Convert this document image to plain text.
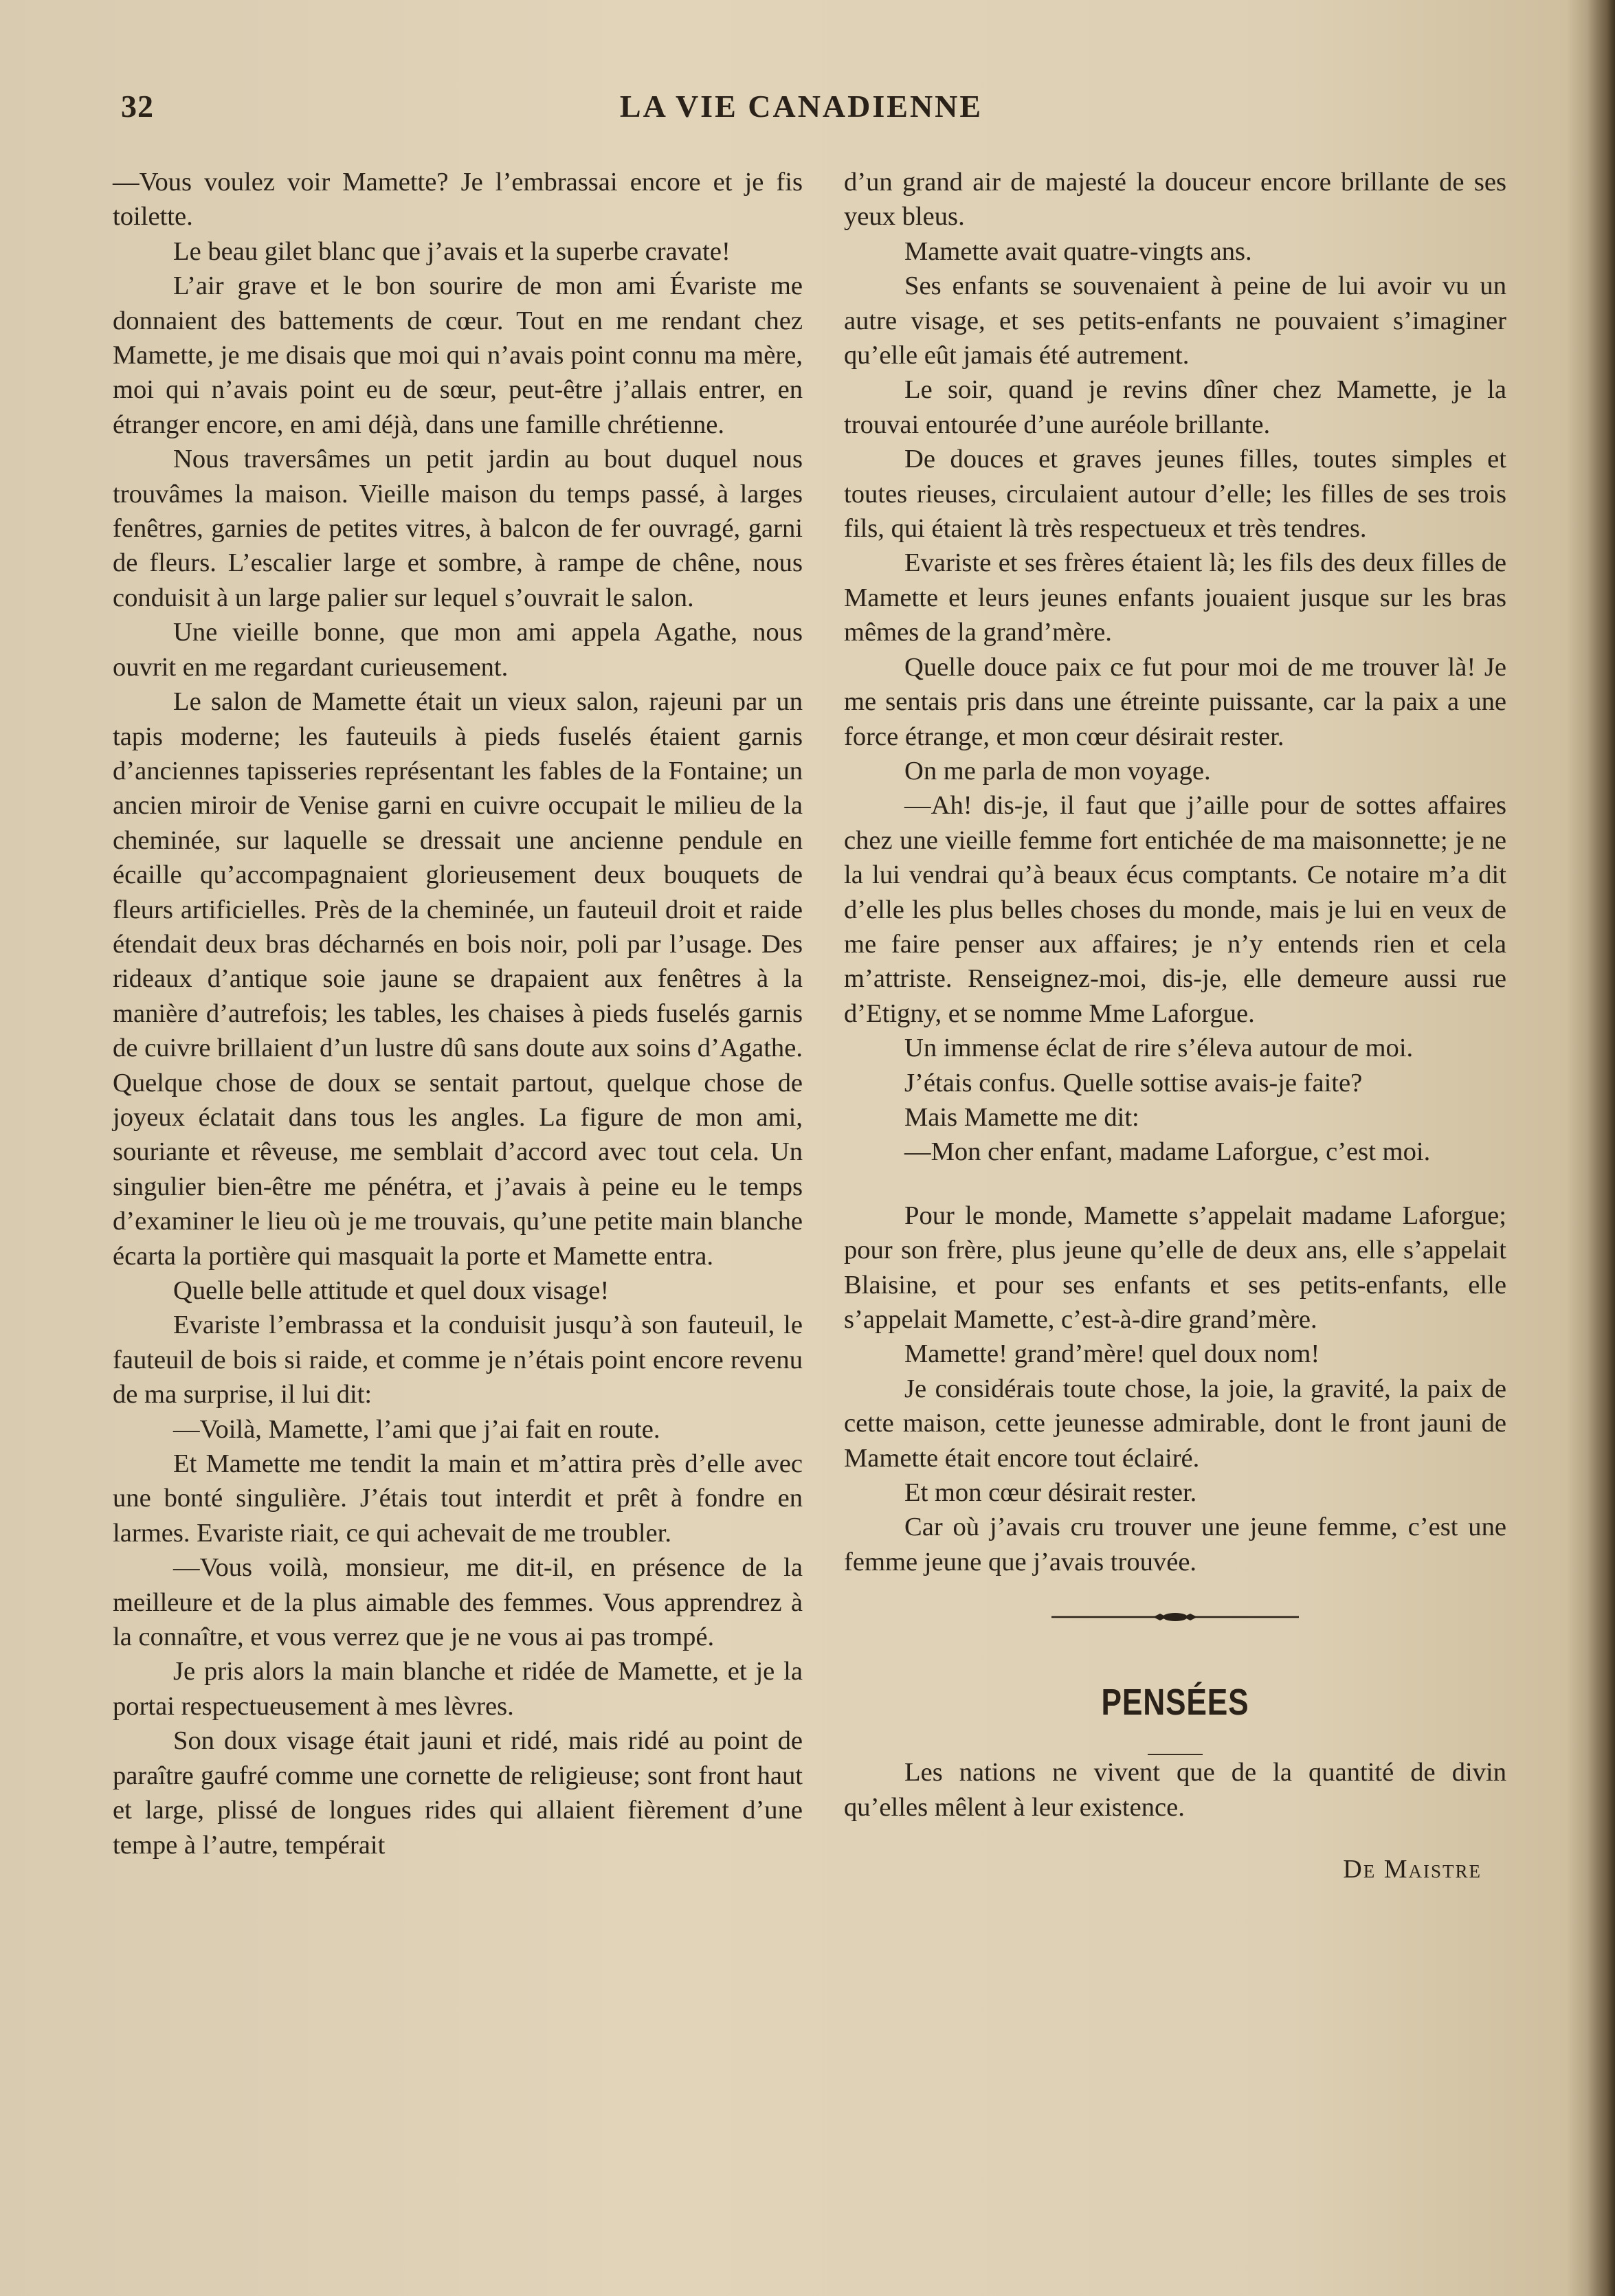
32	LA VIE CANADIENNE

—Vous voulez voir Mamette? Je l’embrassai encore et je fis toilette.

Le beau gilet blanc que j’avais et la superbe cravate!

L’air grave et le bon sourire de mon ami Évariste me donnaient des battements de cœur. Tout en me rendant chez Mamette, je me disais que moi qui n’avais point connu ma mère, moi qui n’avais point eu de sœur, peut-être j’allais entrer, en étranger encore, en ami déjà, dans une famille chrétienne.

Nous traversâmes un petit jardin au bout duquel nous trouvâmes la maison. Vieille maison du temps passé, à larges fenêtres, garnies de petites vitres, à balcon de fer ouvragé, garni de fleurs. L’escalier large et sombre, à rampe de chêne, nous conduisit à un large palier sur lequel s’ouvrait le salon.

Une vieille bonne, que mon ami appela Agathe, nous ouvrit en me regardant curieusement.

Le salon de Mamette était un vieux salon, rajeuni par un tapis moderne; les fauteuils à pieds fuselés étaient garnis d’anciennes tapisseries représentant les fables de la Fontaine; un ancien miroir de Venise garni en cuivre occupait le milieu de la cheminée, sur laquelle se dressait une ancienne pendule en écaille qu’accompagnaient glorieusement deux bouquets de fleurs artificielles. Près de la cheminée, un fauteuil droit et raide étendait deux bras décharnés en bois noir, poli par l’usage. Des rideaux d’antique soie jaune se drapaient aux fenêtres à la manière d’autrefois; les tables, les chaises à pieds fuselés garnis de cuivre brillaient d’un lustre dû sans doute aux soins d’Agathe. Quelque chose de doux se sentait partout, quelque chose de joyeux éclatait dans tous les angles. La figure de mon ami, souriante et rêveuse, me semblait d’accord avec tout cela. Un singulier bien-être me pénétra, et j’avais à peine eu le temps d’examiner le lieu où je me trouvais, qu’une petite main blanche écarta la portière qui masquait la porte et Mamette entra.

Quelle belle attitude et quel doux visage!

Evariste l’embrassa et la conduisit jusqu’à son fauteuil, le fauteuil de bois si raide, et comme je n’étais point encore revenu de ma surprise, il lui dit:

—Voilà, Mamette, l’ami que j’ai fait en route.

Et Mamette me tendit la main et m’attira près d’elle avec une bonté singulière. J’étais tout interdit et prêt à fondre en larmes. Evariste riait, ce qui achevait de me troubler.

—Vous voilà, monsieur, me dit-il, en présence de la meilleure et de la plus aimable des femmes. Vous apprendrez à la connaître, et vous verrez que je ne vous ai pas trompé.

Je pris alors la main blanche et ridée de Mamette, et je la portai respectueusement à mes lèvres.

Son doux visage était jauni et ridé, mais ridé au point de paraître gaufré comme une cornette de religieuse; sont front haut et large, plissé de longues rides qui allaient fièrement d’une tempe à l’autre, tempérait

d’un grand air de majesté la douceur encore brillante de ses yeux bleus.

Mamette avait quatre-vingts ans.

Ses enfants se souvenaient à peine de lui avoir vu un autre visage, et ses petits-enfants ne pouvaient s’imaginer qu’elle eût jamais été autrement.

Le soir, quand je revins dîner chez Mamette, je la trouvai entourée d’une auréole brillante.

De douces et graves jeunes filles, toutes simples et toutes rieuses, circulaient autour d’elle; les filles de ses trois fils, qui étaient là très respectueux et très tendres.

Evariste et ses frères étaient là; les fils des deux filles de Mamette et leurs jeunes enfants jouaient jusque sur les bras mêmes de la grand’mère.

Quelle douce paix ce fut pour moi de me trouver là! Je me sentais pris dans une étreinte puissante, car la paix a une force étrange, et mon cœur désirait rester.

On me parla de mon voyage.

—Ah! dis-je, il faut que j’aille pour de sottes affaires chez une vieille femme fort entichée de ma maisonnette; je ne la lui vendrai qu’à beaux écus comptants. Ce notaire m’a dit d’elle les plus belles choses du monde, mais je lui en veux de me faire penser aux affaires; je n’y entends rien et cela m’attriste. Renseignez-moi, dis-je, elle demeure aussi rue d’Etigny, et se nomme Mme Laforgue.

Un immense éclat de rire s’éleva autour de moi.

J’étais confus. Quelle sottise avais-je faite?

Mais Mamette me dit:

—Mon cher enfant, madame Laforgue, c’est moi.

Pour le monde, Mamette s’appelait madame Laforgue; pour son frère, plus jeune qu’elle de deux ans, elle s’appelait Blaisine, et pour ses enfants et ses petits-enfants, elle s’appelait Mamette, c’est-à-dire grand’mère.

Mamette! grand’mère! quel doux nom!

Je considérais toute chose, la joie, la gravité, la paix de cette maison, cette jeunesse admirable, dont le front jauni de Mamette était encore tout éclairé.

Et mon cœur désirait rester.

Car où j’avais cru trouver une jeune femme, c’est une femme jeune que j’avais trouvée.

PENSÉES

Les nations ne vivent que de la quantité de divin qu’elles mêlent à leur existence.

De Maistre
